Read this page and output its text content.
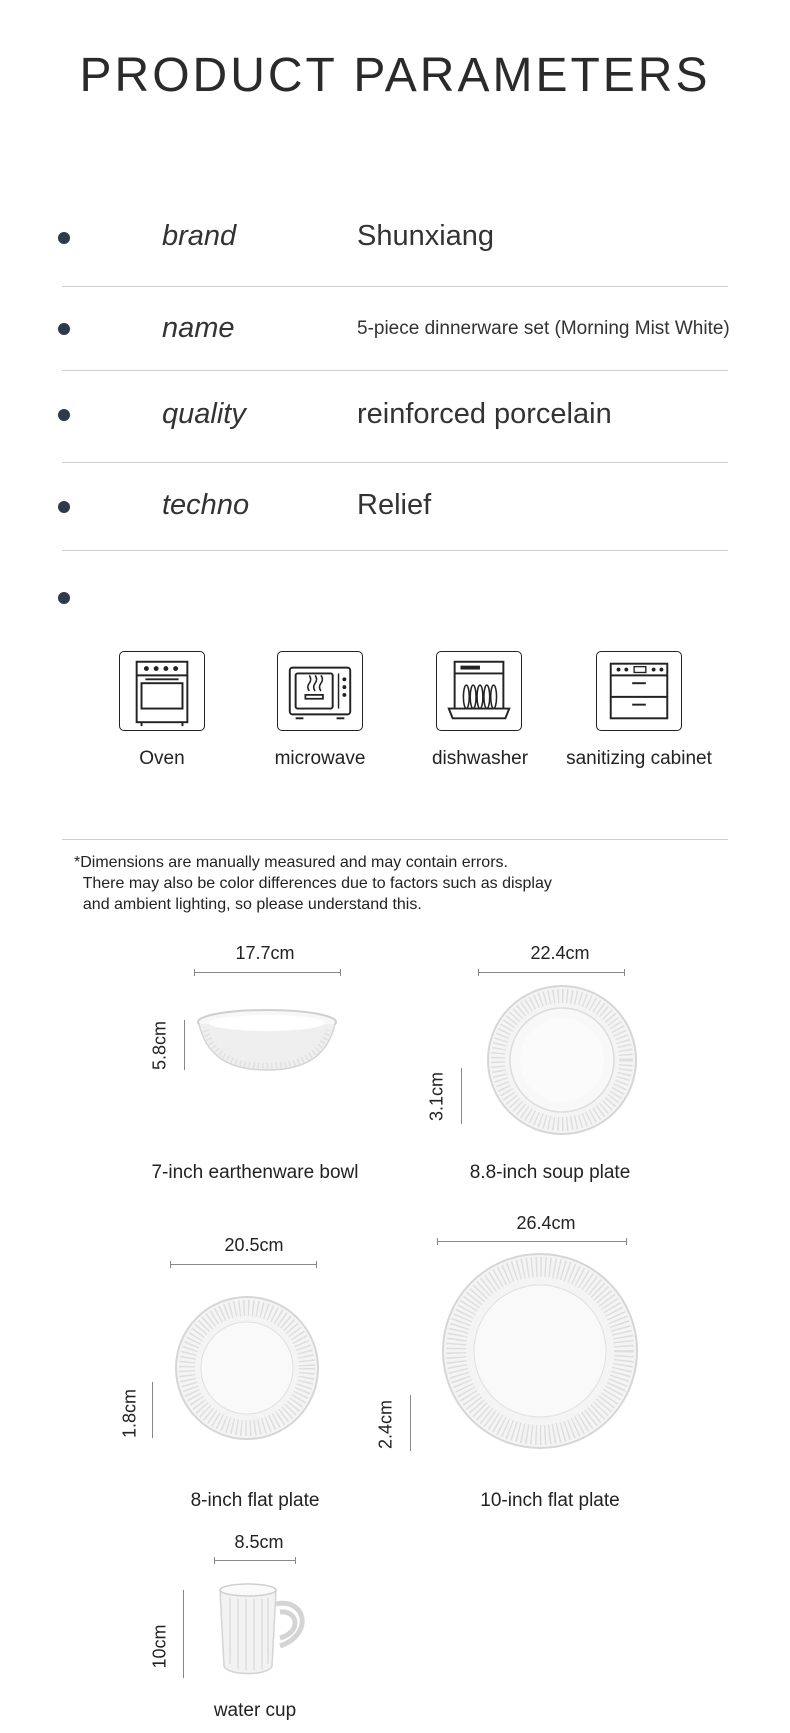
PRODUCT PARAMETERS
brand	Shunxiang
name	5-piece dinnerware set (Morning Mist White)
quality	reinforced porcelain
techno	Relief
Oven	microwave	dishwasher	sanitizing cabinet
*Dimensions are manually measured and may contain errors.
There may also be color differences due to factors such as display
and ambient lighting, so please understand this.
17.7cm
5.8cm
7-inch earthenware bowl
22.4cm
3.1cm
8.8-inch soup plate
20.5cm
1.8cm
8-inch flat plate
26.4cm
2.4cm
10-inch flat plate
8.5cm
10cm
water cup
